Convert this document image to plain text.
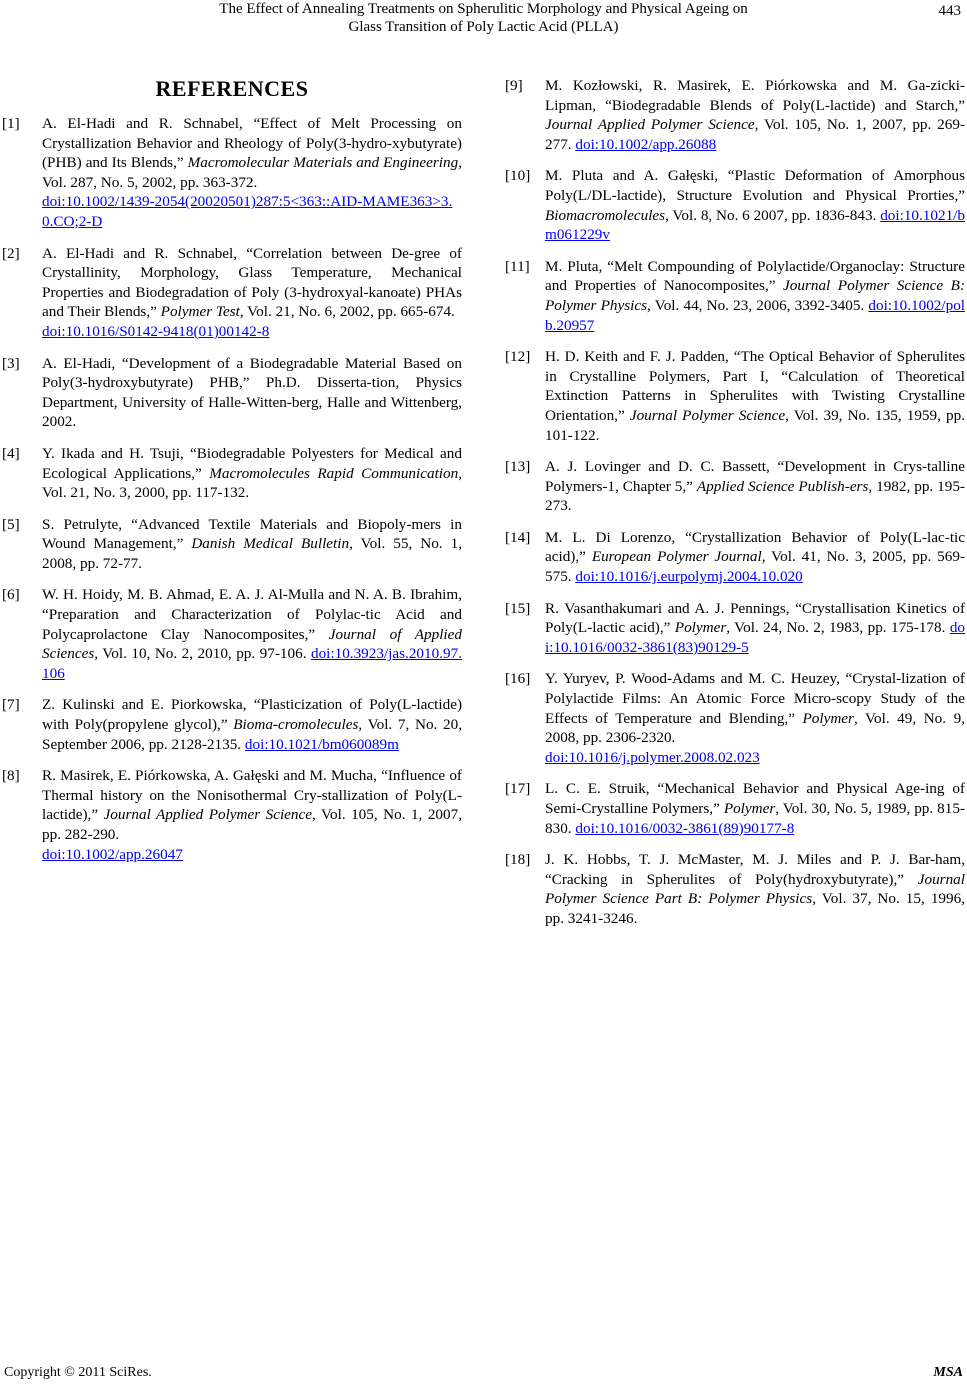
The Effect of Annealing Treatments on Spherulitic Morphology and Physical Ageing on
Glass Transition of Poly Lactic Acid (PLLA)
443
REFERENCES
[1]	A. El-Hadi and R. Schnabel, “Effect of Melt Processing on Crystallization Behavior and Rheology of Poly(3-hydro-xybutyrate) (PHB) and Its Blends,” Macromolecular Materials and Engineering, Vol. 287, No. 5, 2002, pp. 363-372.
doi:10.1002/1439-2054(20020501)287:5<363::AID-MAME363>3.0.CO;2-D
[2]	A. El-Hadi and R. Schnabel, “Correlation between De-gree of Crystallinity, Morphology, Glass Temperature, Mechanical Properties and Biodegradation of Poly (3-hydroxyal-kanoate) PHAs and Their Blends,” Polymer Test, Vol. 21, No. 6, 2002, pp. 665-674.
doi:10.1016/S0142-9418(01)00142-8
[3]	A. El-Hadi, “Development of a Biodegradable Material Based on Poly(3-hydroxybutyrate) PHB,” Ph.D. Disserta-tion, Physics Department, University of Halle-Witten-berg, Halle and Wittenberg, 2002.
[4]	Y. Ikada and H. Tsuji, “Biodegradable Polyesters for Medical and Ecological Applications,” Macromolecules Rapid Communication, Vol. 21, No. 3, 2000, pp. 117-132.
[5]	S. Petrulyte, “Advanced Textile Materials and Biopoly-mers in Wound Management,” Danish Medical Bulletin, Vol. 55, No. 1, 2008, pp. 72-77.
[6]	W. H. Hoidy, M. B. Ahmad, E. A. J. Al-Mulla and N. A. B. Ibrahim, “Preparation and Characterization of Polylac-tic Acid and Polycaprolactone Clay Nanocomposites,” Journal of Applied Sciences, Vol. 10, No. 2, 2010, pp. 97-106. doi:10.3923/jas.2010.97.106
[7]	Z. Kulinski and E. Piorkowska, “Plasticization of Poly(L-lactide) with Poly(propylene glycol),” Bioma-cromolecules, Vol. 7, No. 20, September 2006, pp. 2128-2135. doi:10.1021/bm060089m
[8]	R. Masirek, E. Piórkowska, A. Gałęski and M. Mucha, “Influence of Thermal history on the Nonisothermal Cry-stallization of Poly(L-lactide),” Journal Applied Polymer Science, Vol. 105, No. 1, 2007, pp. 282-290.
doi:10.1002/app.26047
[9]	M. Kozłowski, R. Masirek, E. Piórkowska and M. Ga-zicki- Lipman, “Biodegradable Blends of Poly(L-lactide) and Starch,” Journal Applied Polymer Science, Vol. 105, No. 1, 2007, pp. 269-277. doi:10.1002/app.26088
[10] M. Pluta and A. Gałęski, “Plastic Deformation of Amorphous Poly(L/DL-lactide), Structure Evolution and Physical Prorties,” Biomacromolecules, Vol. 8, No. 6 2007, pp. 1836-843. doi:10.1021/bm061229v
[11]	M. Pluta, “Melt Compounding of Polylactide/Organoclay: Structure and Properties of Nanocomposites,” Journal Polymer Science B: Polymer Physics, Vol. 44, No. 23, 2006, 3392-3405. doi:10.1002/polb.20957
[12] H. D. Keith and F. J. Padden, “The Optical Behavior of Spherulites in Crystalline Polymers, Part I, “Calculation of Theoretical Extinction Patterns in Spherulites with Twisting Crystalline Orientation,” Journal Polymer Science, Vol. 39, No. 135, 1959, pp. 101-122.
[13] A. J. Lovinger and D. C. Bassett, “Development in Crys-talline Polymers-1, Chapter 5,” Applied Science Publish-ers, 1982, pp. 195-273.
[14] M. L. Di Lorenzo, “Crystallization Behavior of Poly(L-lac-tic acid),” European Polymer Journal, Vol. 41, No. 3, 2005, pp. 569-575. doi:10.1016/j.eurpolymj.2004.10.020
[15] R. Vasanthakumari and A. J. Pennings, “Crystallisation Kinetics of Poly(L-lactic acid),” Polymer, Vol. 24, No. 2, 1983, pp. 175-178. doi:10.1016/0032-3861(83)90129-5
[16] Y. Yuryev, P. Wood-Adams and M. C. Heuzey, “Crystal-lization of Polylactide Films: An Atomic Force Micro-scopy Study of the Effects of Temperature and Blending,” Polymer, Vol. 49, No. 9, 2008, pp. 2306-2320.
doi:10.1016/j.polymer.2008.02.023
[17] L. C. E. Struik, “Mechanical Behavior and Physical Age-ing of Semi-Crystalline Polymers,” Polymer, Vol. 30, No. 5, 1989, pp. 815-830. doi:10.1016/0032-3861(89)90177-8
[18] J. K. Hobbs, T. J. McMaster, M. J. Miles and P. J. Bar-ham, “Cracking in Spherulites of Poly(hydroxybutyrate),” Journal Polymer Science Part B: Polymer Physics, Vol. 37, No. 15, 1996, pp. 3241-3246.
Copyright © 2011 SciRes.	MSA
